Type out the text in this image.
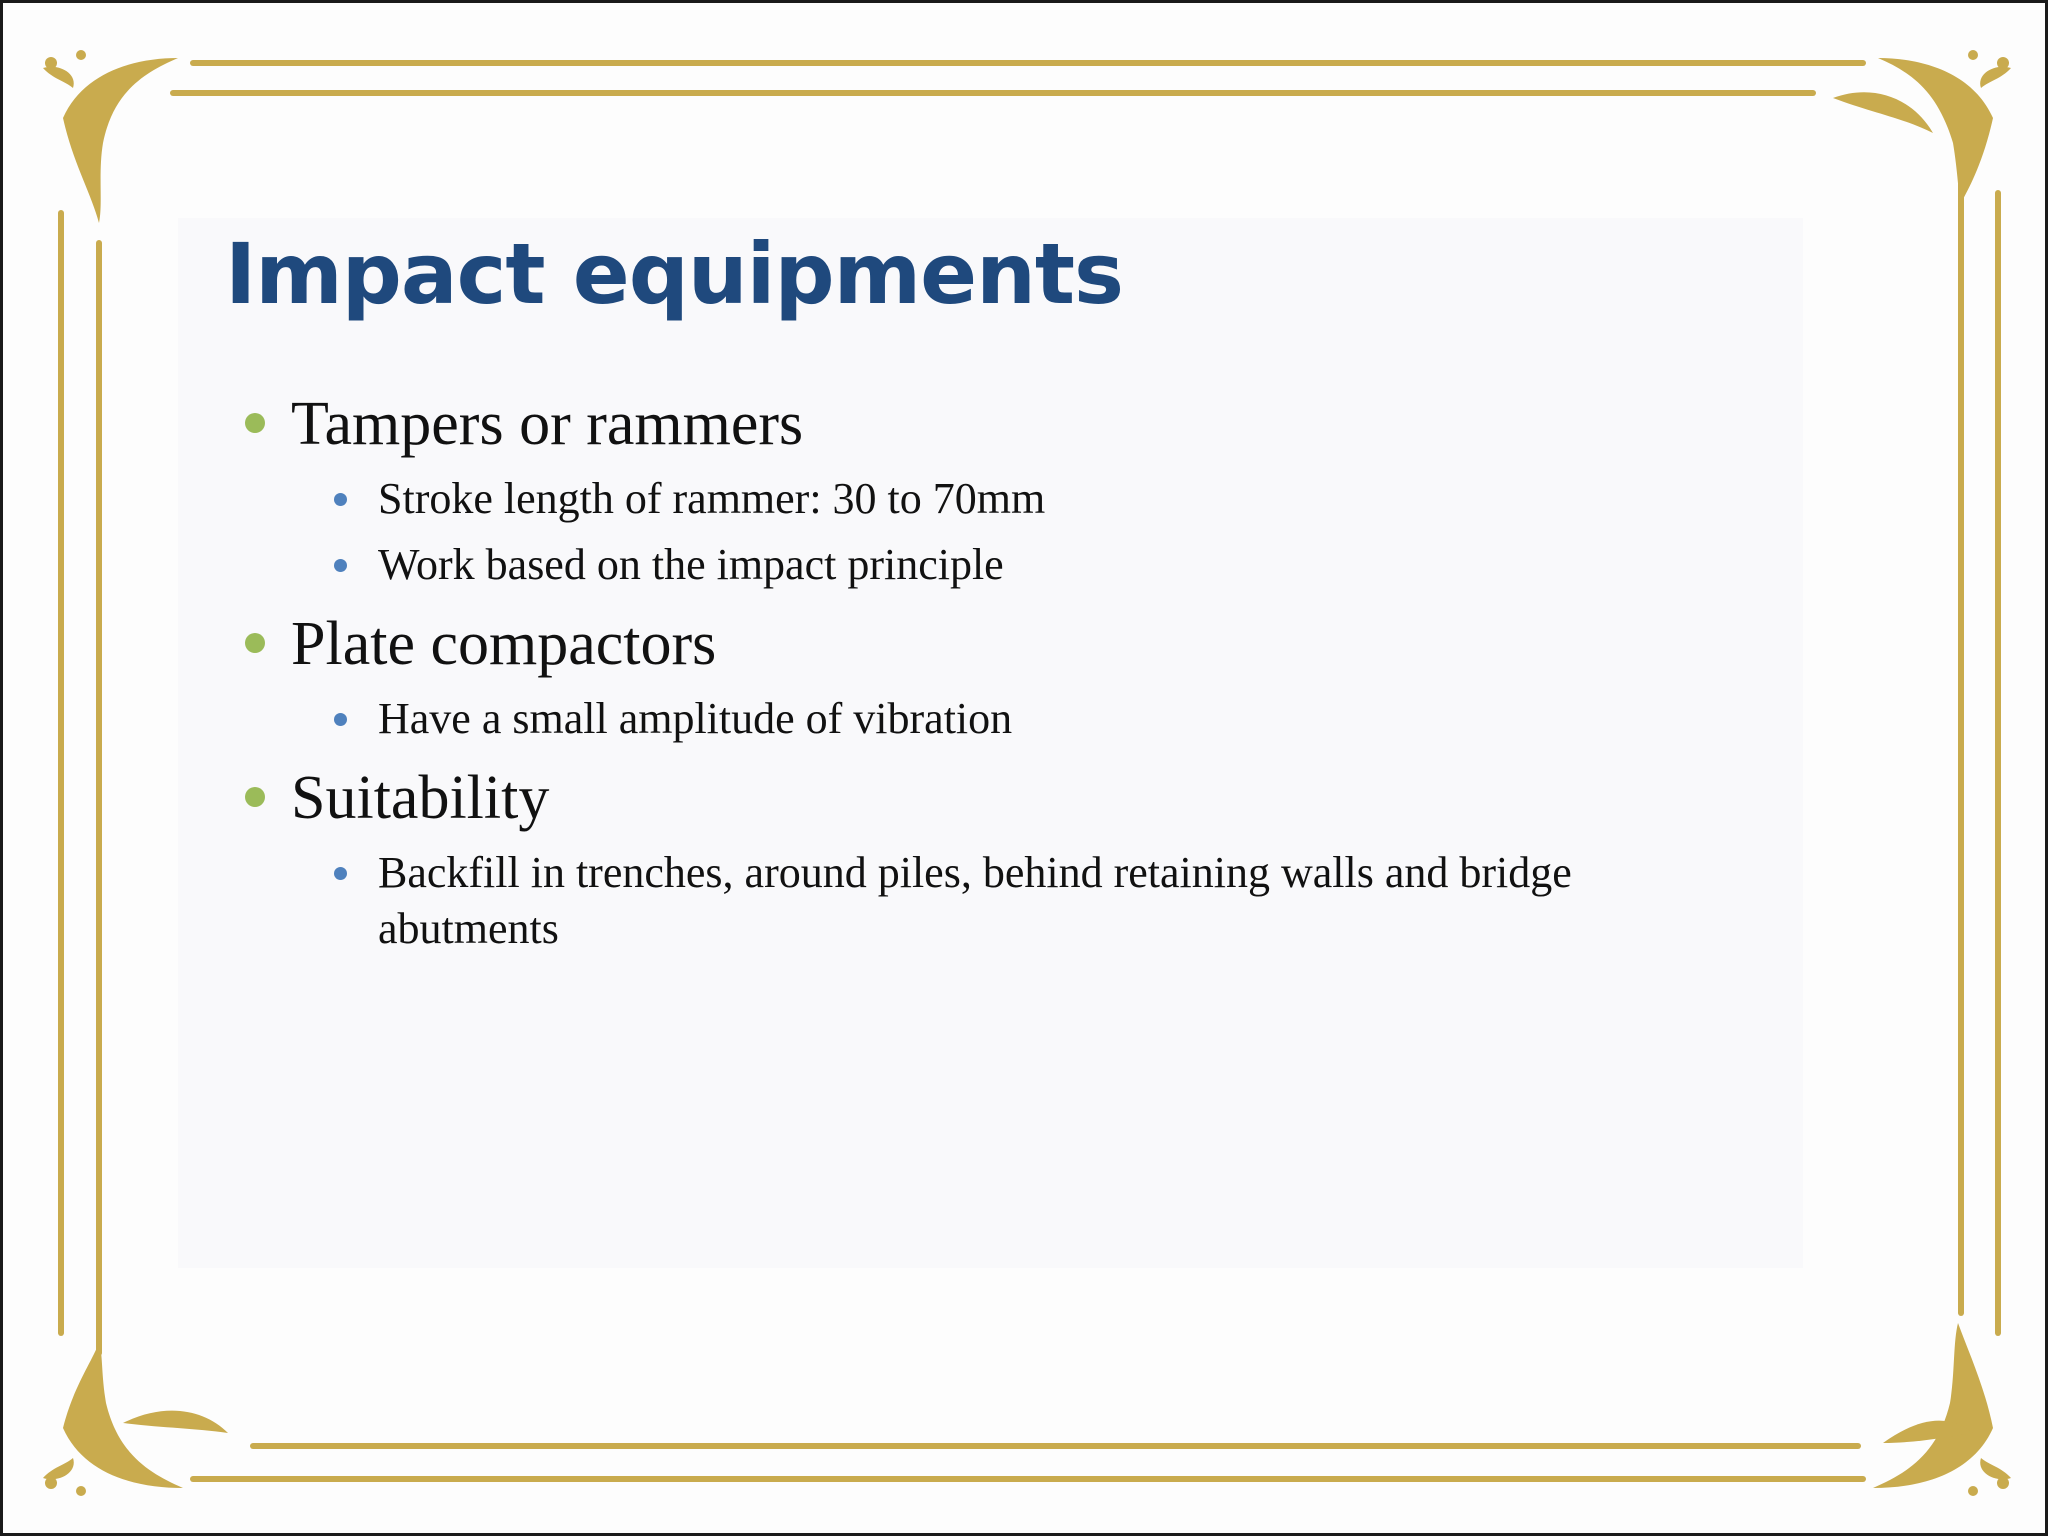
Impact equipments
Tampers or rammers
Stroke length of rammer: 30 to 70mm
Work based on the impact principle
Plate compactors
Have a small amplitude of vibration
Suitability
Backfill in trenches, around piles, behind retaining walls and bridge abutments
